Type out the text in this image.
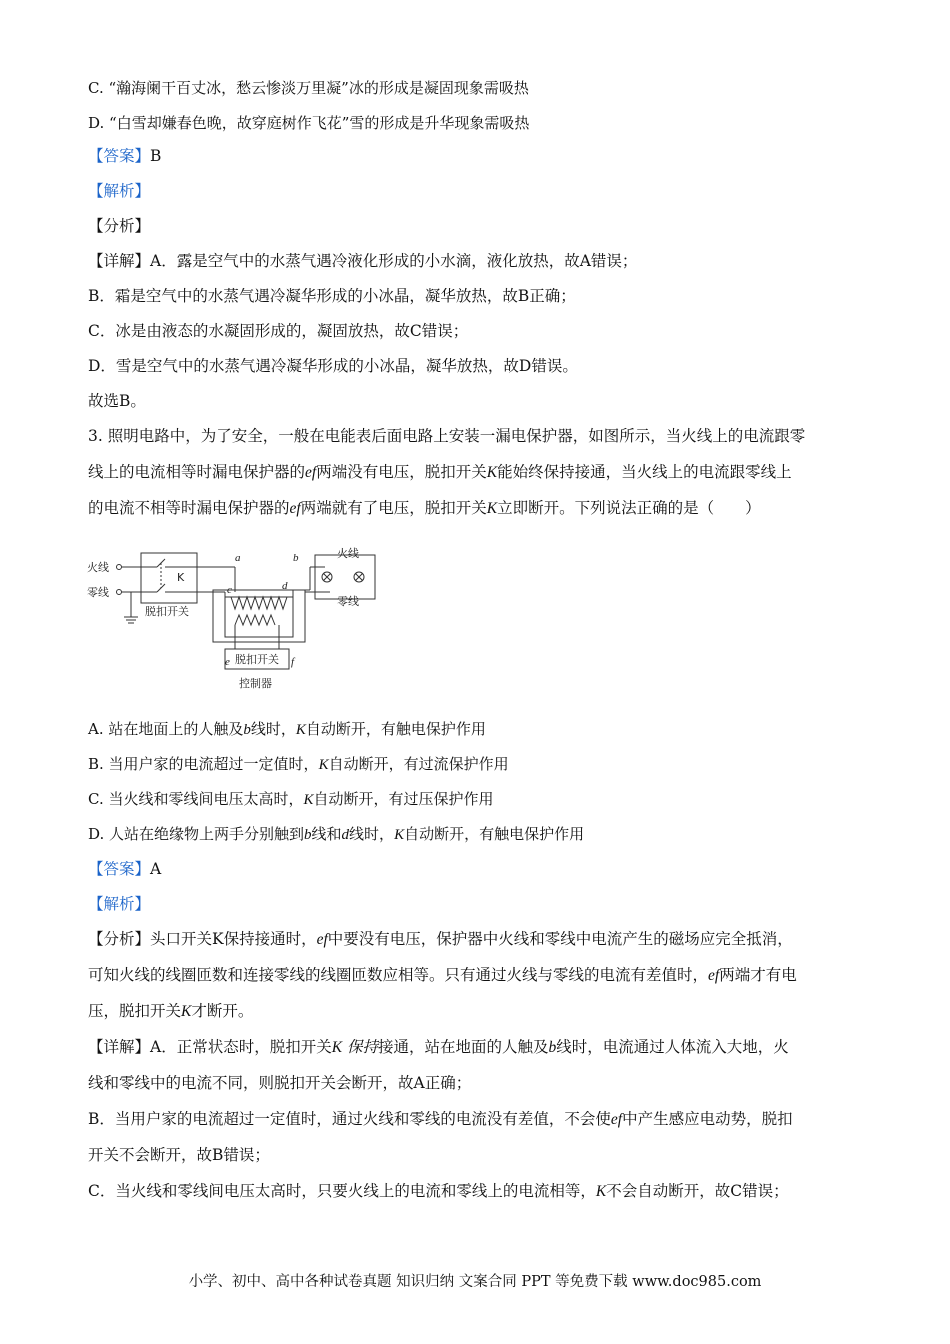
C. “瀚海阑干百丈冰，愁云惨淡万里凝”冰的形成是凝固现象需吸热
D. “白雪却嫌春色晚，故穿庭树作飞花”雪的形成是升华现象需吸热
【答案】B
【解析】
【分析】
【详解】A．露是空气中的水蒸气遇冷液化形成的小水滴，液化放热，故A错误；
B．霜是空气中的水蒸气遇冷凝华形成的小冰晶，凝华放热，故B正确；
C．冰是由液态的水凝固形成的，凝固放热，故C错误；
D．雪是空气中的水蒸气遇冷凝华形成的小冰晶，凝华放热，故D错误。
故选B。
3. 照明电路中，为了安全，一般在电能表后面电路上安装一漏电保护器，如图所示，当火线上的电流跟零
线上的电流相等时漏电保护器的ef两端没有电压，脱扣开关K能始终保持接通，当火线上的电流跟零线上
的电流不相等时漏电保护器的ef两端就有了电压，脱扣开关K立即断开。下列说法正确的是（　　）
火线
零线
K
脱扣开关
a	b
c	d
e	f
火线
零线
脱扣开关
控制器
A. 站在地面上的人触及b线时，K自动断开，有触电保护作用
B. 当用户家的电流超过一定值时，K自动断开，有过流保护作用
C. 当火线和零线间电压太高时，K自动断开，有过压保护作用
D. 人站在绝缘物上两手分别触到b线和d线时，K自动断开，有触电保护作用
【答案】A
【解析】
【分析】头口开关K保持接通时，ef中要没有电压，保护器中火线和零线中电流产生的磁场应完全抵消，
可知火线的线圈匝数和连接零线的线圈匝数应相等。只有通过火线与零线的电流有差值时，ef两端才有电
压，脱扣开关K才断开。
【详解】A．正常状态时，脱扣开关K 保持接通，站在地面的人触及b线时，电流通过人体流入大地，火
线和零线中的电流不同，则脱扣开关会断开，故A正确；
B．当用户家的电流超过一定值时，通过火线和零线的电流没有差值，不会使ef中产生感应电动势，脱扣
开关不会断开，故B错误；
C．当火线和零线间电压太高时，只要火线上的电流和零线上的电流相等，K不会自动断开，故C错误；
小学、初中、高中各种试卷真题 知识归纳 文案合同 PPT 等免费下载 www.doc985.com
